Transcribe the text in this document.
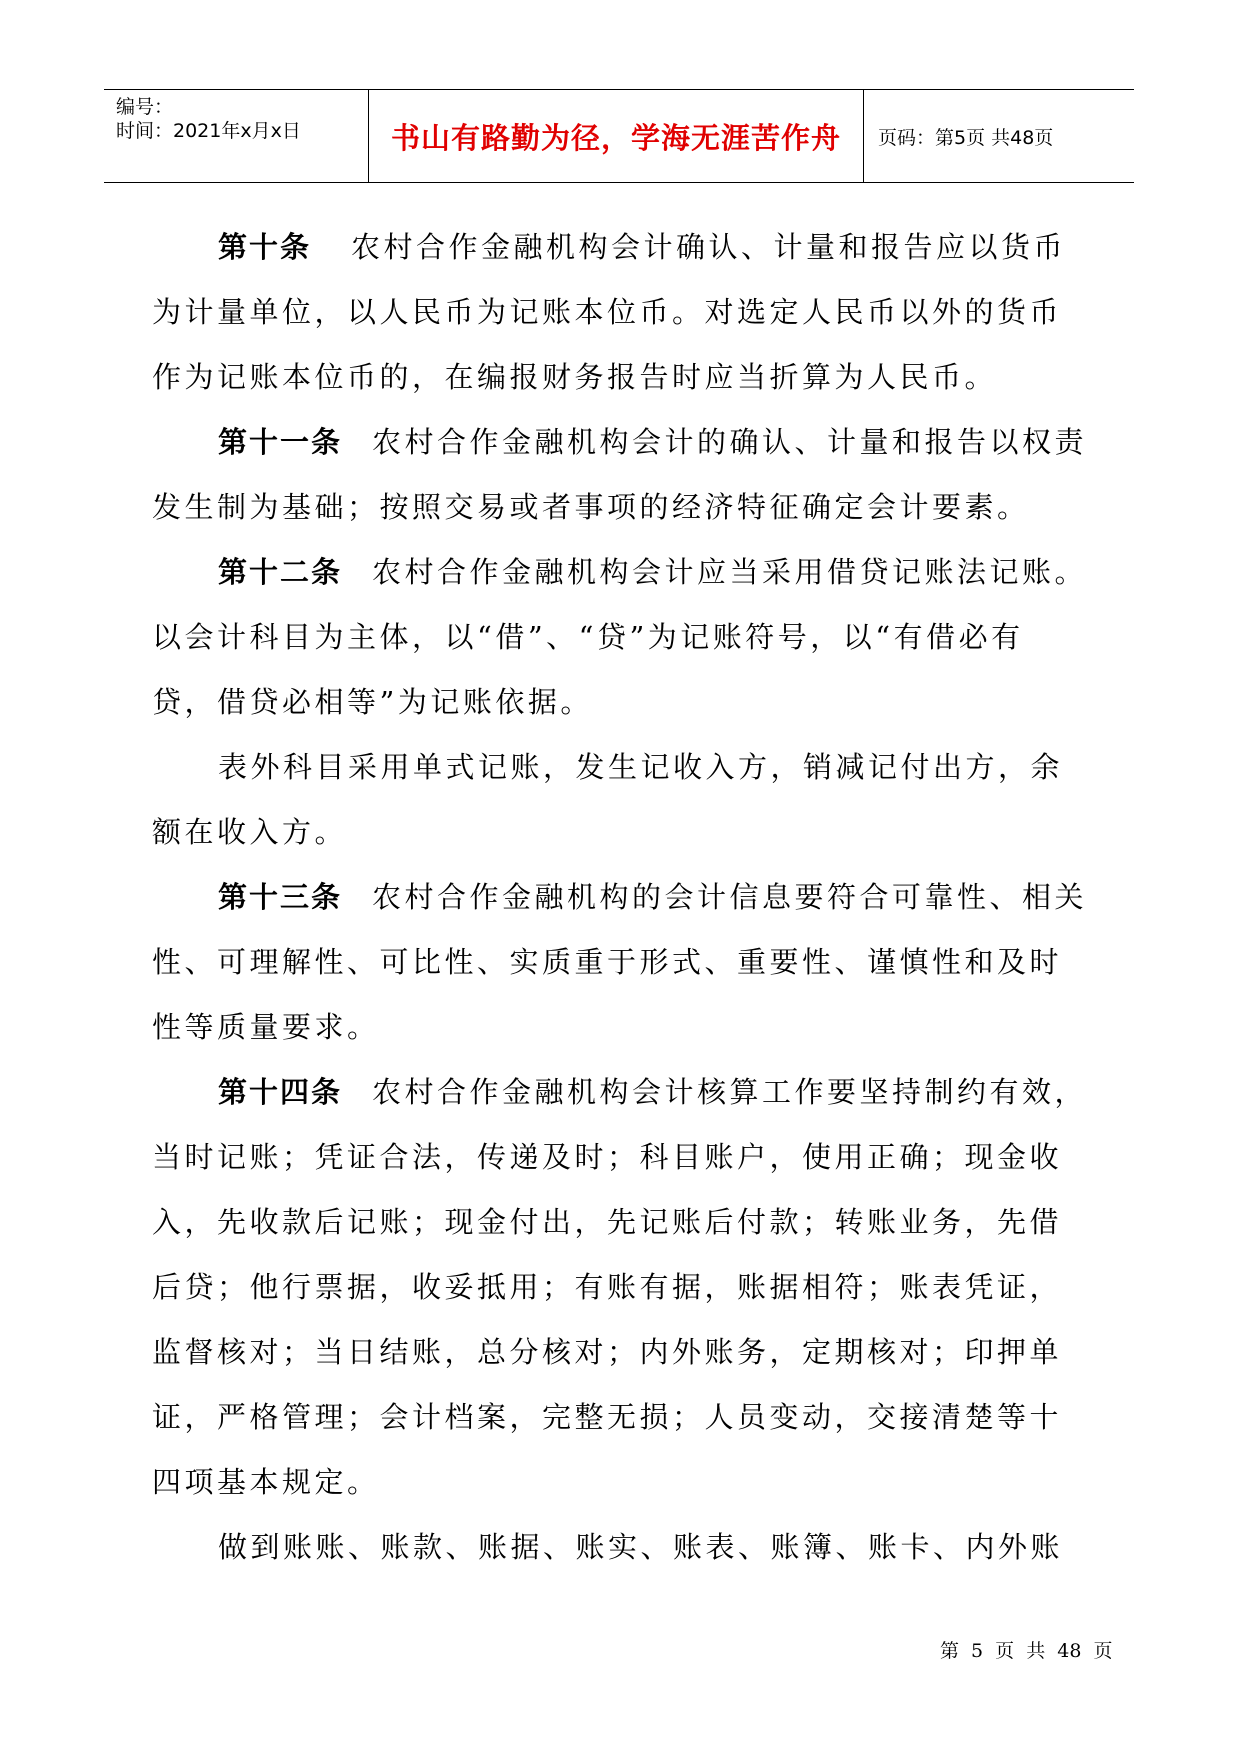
编号：
时间：2021年x月x日	书山有路勤为径，学海无涯苦作舟 页码：第5页 共48页
第十条 农村合作金融机构会计确认、计量和报告应以货币
为计量单位，以人民币为记账本位币。对选定人民币以外的货币
作为记账本位币的，在编报财务报告时应当折算为人民币。
第十一条 农村合作金融机构会计的确认、计量和报告以权责
发生制为基础；按照交易或者事项的经济特征确定会计要素。
第十二条 农村合作金融机构会计应当采用借贷记账法记账。
以会计科目为主体，以“借”、“贷”为记账符号，以“有借必有
贷，借贷必相等”为记账依据。
表外科目采用单式记账，发生记收入方，销减记付出方，余
额在收入方。
第十三条 农村合作金融机构的会计信息要符合可靠性、相关
性、可理解性、可比性、实质重于形式、重要性、谨慎性和及时
性等质量要求。
第十四条 农村合作金融机构会计核算工作要坚持制约有效，
当时记账；凭证合法，传递及时；科目账户，使用正确；现金收
入，先收款后记账；现金付出，先记账后付款；转账业务，先借
后贷；他行票据，收妥抵用；有账有据，账据相符；账表凭证，
监督核对；当日结账，总分核对；内外账务，定期核对；印押单
证，严格管理；会计档案，完整无损；人员变动，交接清楚等十
四项基本规定。
做到账账、账款、账据、账实、账表、账簿、账卡、内外账
第 5 页 共 48 页
